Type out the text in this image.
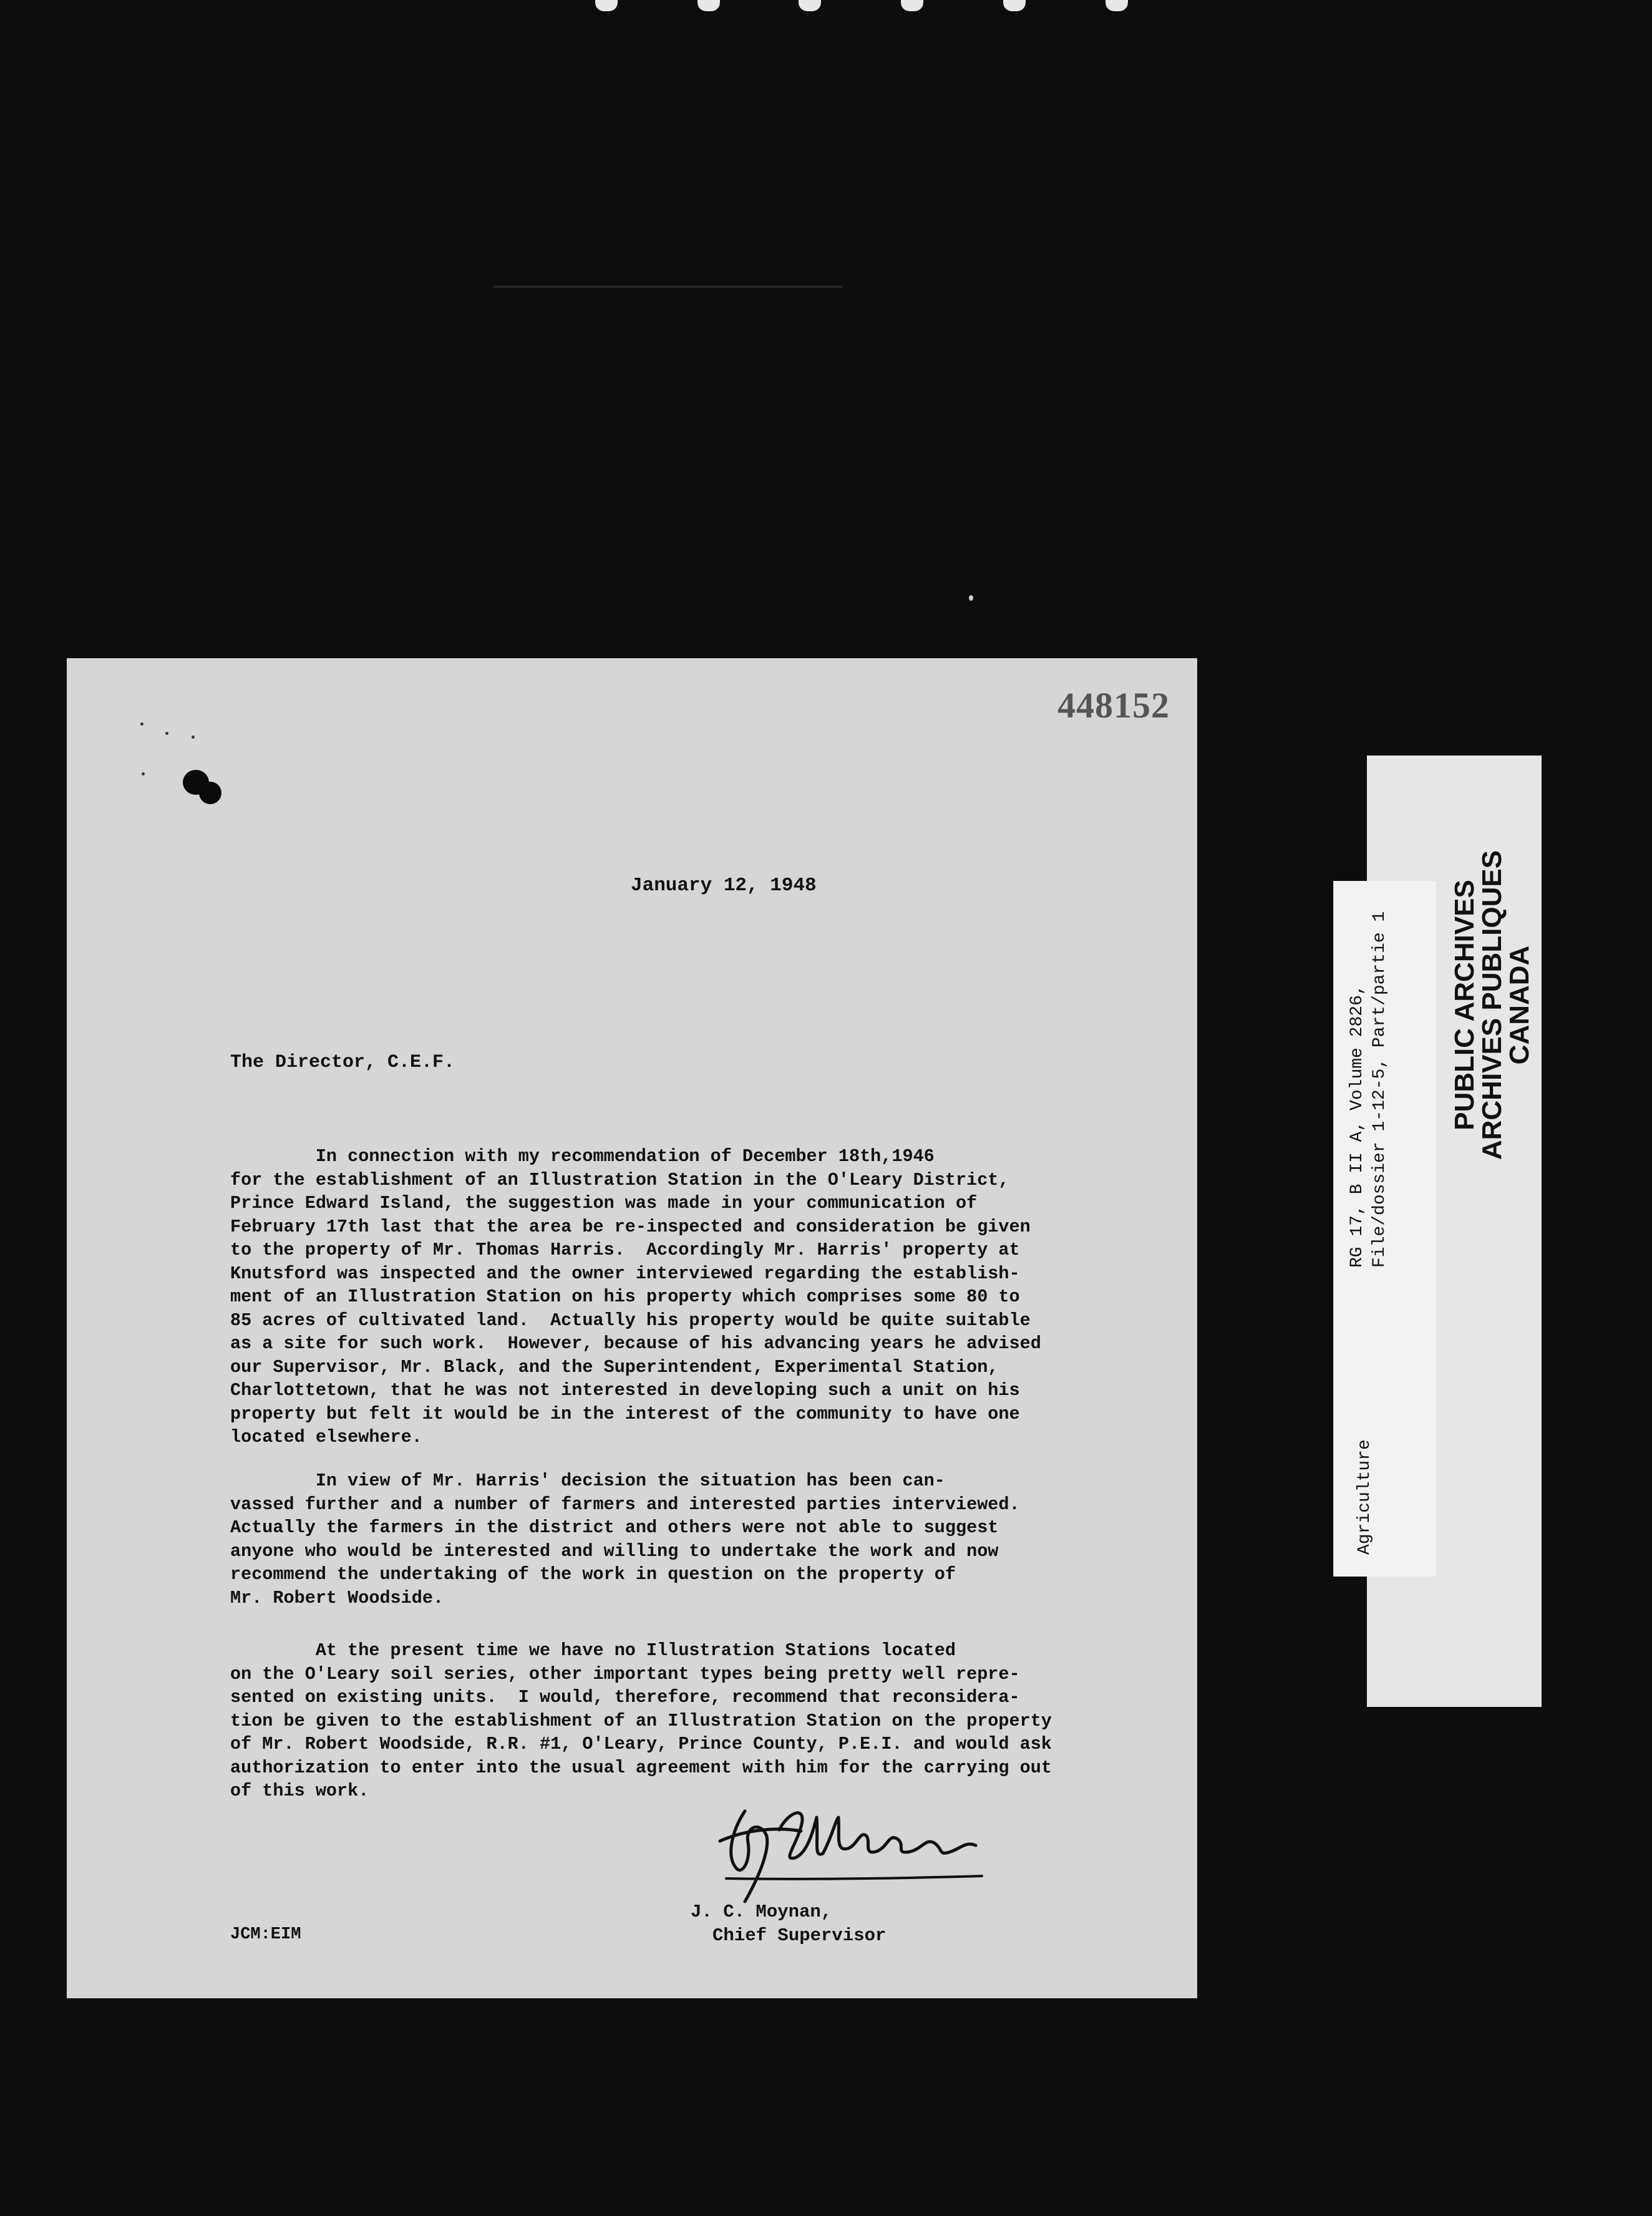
448152
January 12, 1948
The Director, C.E.F.
In connection with my recommendation of December 18th,1946
for the establishment of an Illustration Station in the O'Leary District,
Prince Edward Island, the suggestion was made in your communication of
February 17th last that the area be re-inspected and consideration be given
to the property of Mr. Thomas Harris.  Accordingly Mr. Harris' property at
Knutsford was inspected and the owner interviewed regarding the establish-
ment of an Illustration Station on his property which comprises some 80 to
85 acres of cultivated land.  Actually his property would be quite suitable
as a site for such work.  However, because of his advancing years he advised
our Supervisor, Mr. Black, and the Superintendent, Experimental Station,
Charlottetown, that he was not interested in developing such a unit on his
property but felt it would be in the interest of the community to have one
located elsewhere.
In view of Mr. Harris' decision the situation has been can-
vassed further and a number of farmers and interested parties interviewed.
Actually the farmers in the district and others were not able to suggest
anyone who would be interested and willing to undertake the work and now
recommend the undertaking of the work in question on the property of
Mr. Robert Woodside.
At the present time we have no Illustration Stations located
on the O'Leary soil series, other important types being pretty well repre-
sented on existing units.  I would, therefore, recommend that reconsidera-
tion be given to the establishment of an Illustration Station on the property
of Mr. Robert Woodside, R.R. #1, O'Leary, Prince County, P.E.I. and would ask
authorization to enter into the usual agreement with him for the carrying out
of this work.
J. C. Moynan,
Chief Supervisor
JCM:EIM
PUBLIC ARCHIVES
ARCHIVES PUBLIQUES
CANADA
Agriculture
RG 17, B II A, Volume 2826, File/dossier 1-12-5, Part/partie 1
